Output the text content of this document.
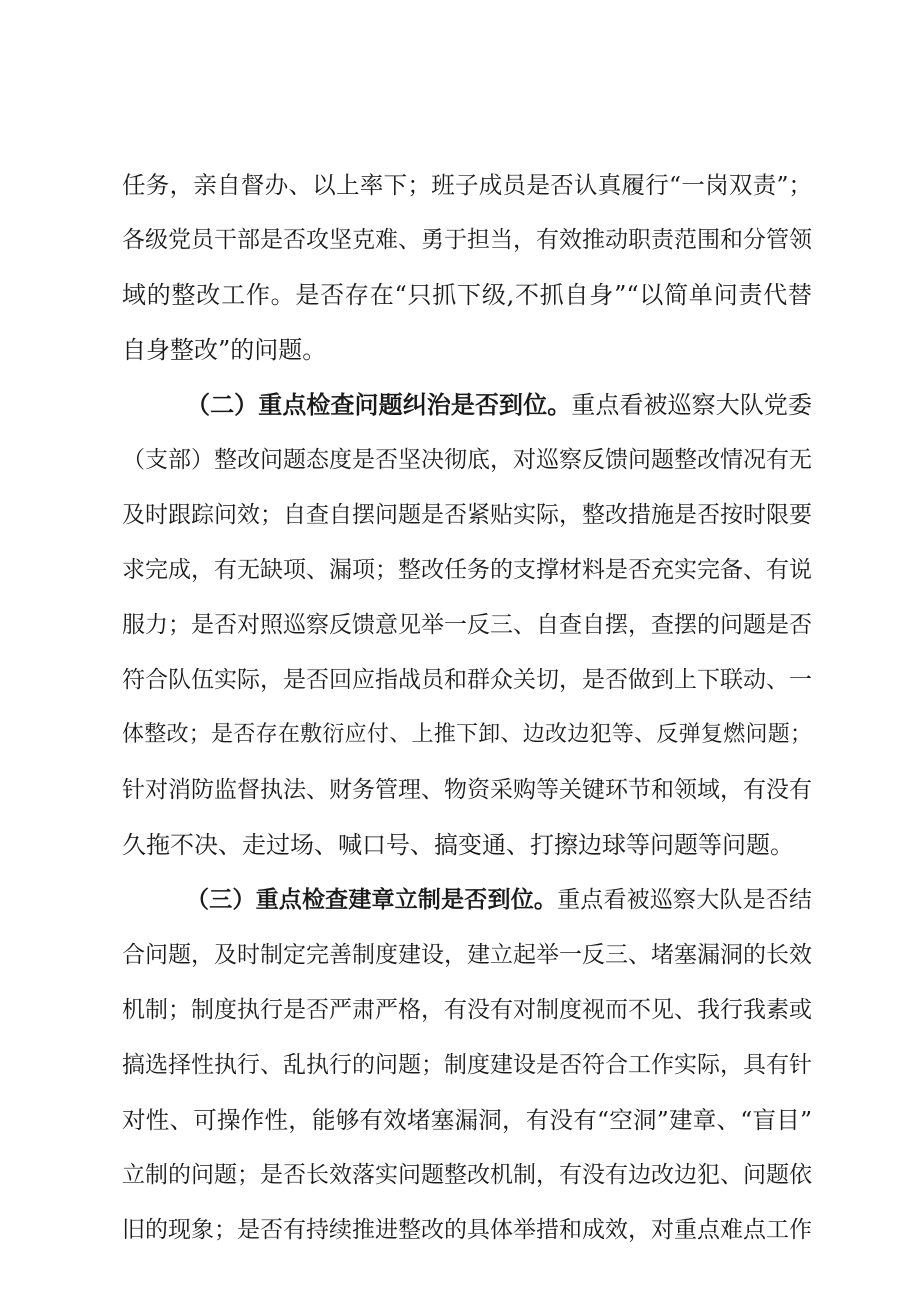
任务，亲自督办、以上率下；班子成员是否认真履行“一岗双责”；
各级党员干部是否攻坚克难、勇于担当，有效推动职责范围和分管领
域的整改工作。是否存在“只抓下级,不抓自身”“以简单问责代替
自身整改”的问题。
（二）重点检查问题纠治是否到位。重点看被巡察大队党委
（支部）整改问题态度是否坚决彻底，对巡察反馈问题整改情况有无
及时跟踪问效；自查自摆问题是否紧贴实际，整改措施是否按时限要
求完成，有无缺项、漏项；整改任务的支撑材料是否充实完备、有说
服力；是否对照巡察反馈意见举一反三、自查自摆，查摆的问题是否
符合队伍实际，是否回应指战员和群众关切，是否做到上下联动、一
体整改；是否存在敷衍应付、上推下卸、边改边犯等、反弹复燃问题；
针对消防监督执法、财务管理、物资采购等关键环节和领域，有没有
久拖不决、走过场、喊口号、搞变通、打擦边球等问题等问题。
（三）重点检查建章立制是否到位。重点看被巡察大队是否结
合问题，及时制定完善制度建设，建立起举一反三、堵塞漏洞的长效
机制；制度执行是否严肃严格，有没有对制度视而不见、我行我素或
搞选择性执行、乱执行的问题；制度建设是否符合工作实际，具有针
对性、可操作性，能够有效堵塞漏洞，有没有“空洞”建章、“盲目”
立制的问题；是否长效落实问题整改机制，有没有边改边犯、问题依
旧的现象；是否有持续推进整改的具体举措和成效，对重点难点工作
